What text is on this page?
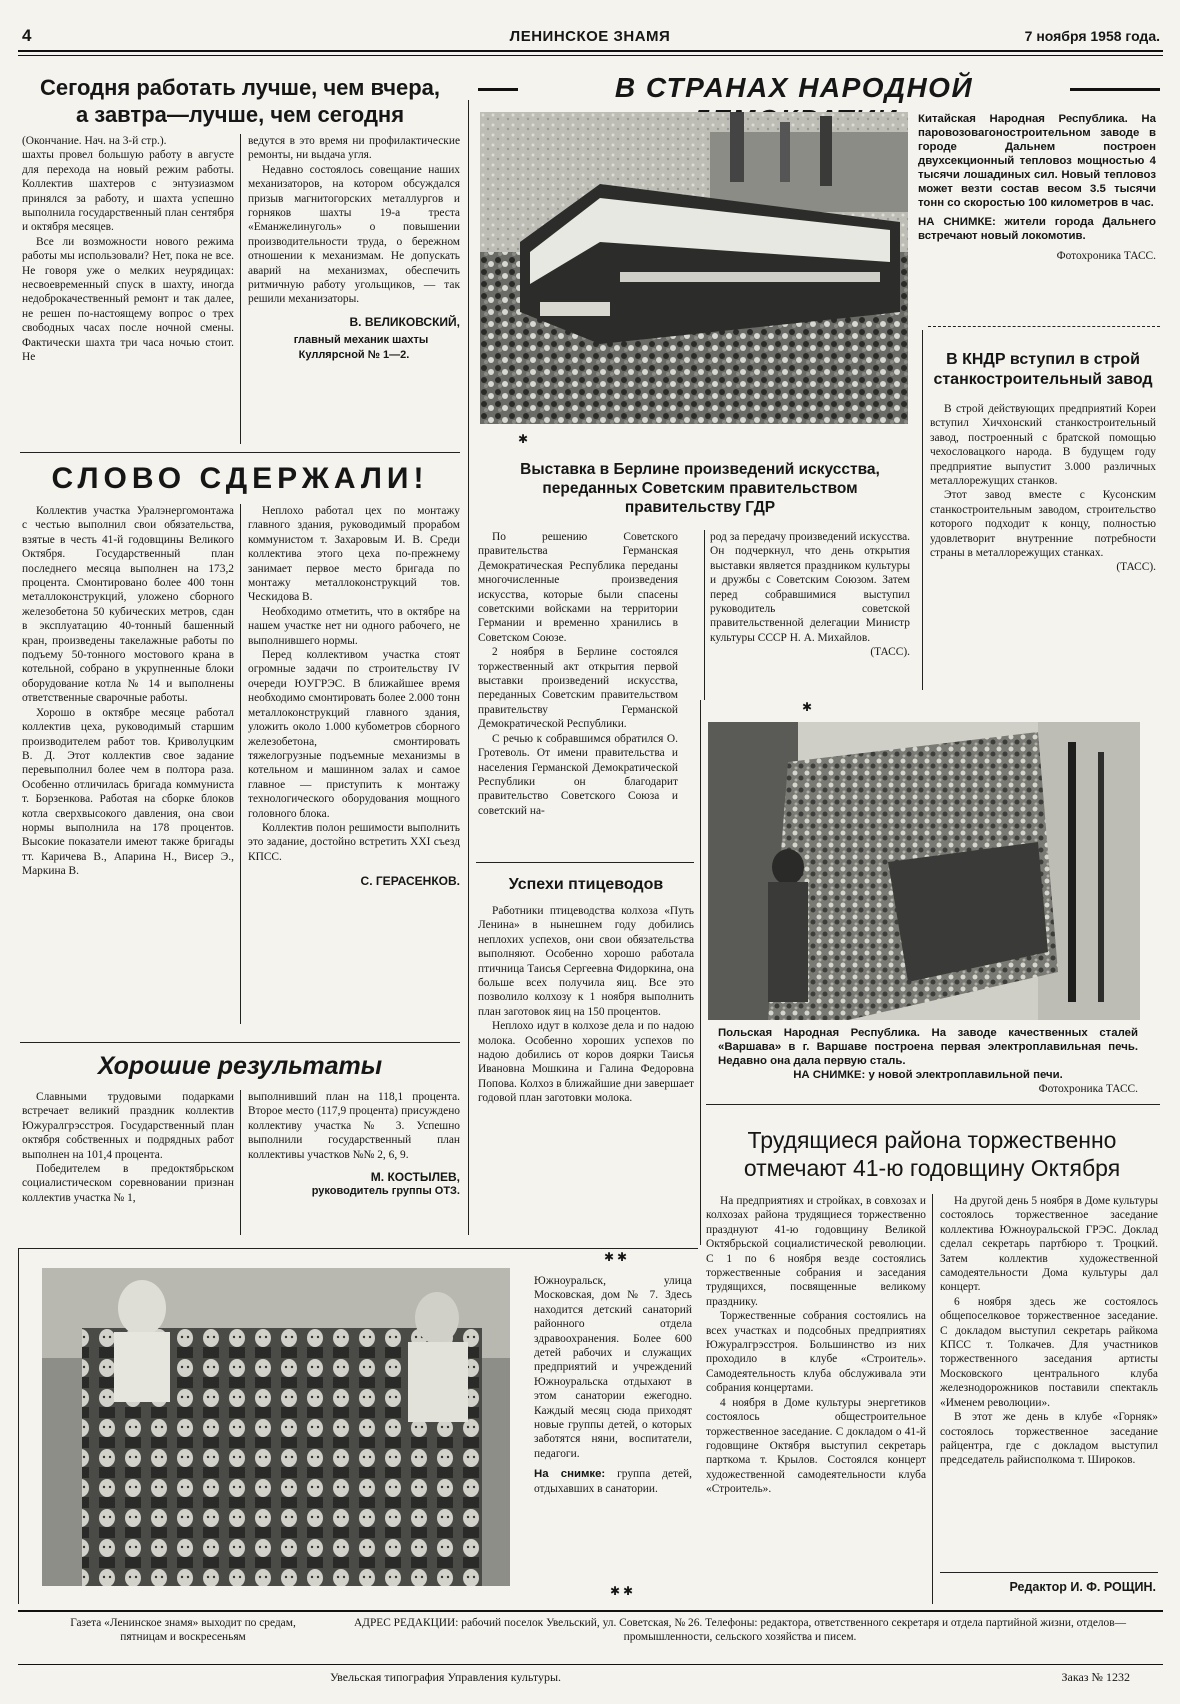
4	ЛЕНИНСКОЕ ЗНАМЯ	7 ноября 1958 года.
Сегодня работать лучше, чем вчера,
а завтра—лучше, чем сегодня

(Окончание. Нач. на 3-й стр.).

шахты провел большую работу в августе для перехода на новый режим работы. Коллектив шахтеров с энтузиазмом принялся за работу, и шахта успешно выполнила государственный план сентября и октября месяцев.

Все ли возможности нового режима работы мы использовали? Нет, пока не все. Не говоря уже о мелких неурядицах: несвоевременный спуск в шахту, иногда недоброкачественный ремонт и так далее, не решен по-настоящему вопрос о трех свободных часах после ночной смены. Фактически шахта три часа ночью стоит. Не

ведутся в это время ни профилактические ремонты, ни выдача угля.

Недавно состоялось совещание наших механизаторов, на котором обсуждался призыв магнитогорских металлургов и горняков шахты 19-а треста «Еманжелинуголь» о повышении производительности труда, о бережном отношении к механизмам. Не допускать аварий на механизмах, обеспечить ритмичную работу угольщиков, — так решили механизаторы.

В. ВЕЛИКОВСКИЙ,

главный механик шахты Куллярсной № 1—2.

СЛОВО СДЕРЖАЛИ!

Коллектив участка Уралэнергомонтажа с честью выполнил свои обязательства, взятые в честь 41-й годовщины Великого Октября. Государственный план последнего месяца выполнен на 173,2 процента. Смонтировано более 400 тонн металлоконструкций, уложено сборного железобетона 50 кубических метров, сдан в эксплуатацию 40-тонный башенный кран, произведены такелажные работы по подъему 50-тонного мостового крана в котельной, собрано в укрупненные блоки оборудование котла № 14 и выполнены ответственные сварочные работы.

Хорошо в октябре месяце работал коллектив цеха, руководимый старшим производителем работ тов. Криволуцким В. Д. Этот коллектив свое задание перевыполнил более чем в полтора раза. Особенно отличилась бригада коммуниста т. Борзенкова. Работая на сборке блоков котла сверхвысокого давления, она свои нормы выполнила на 178 процентов. Высокие показатели имеют также бригады тт. Каричева В., Апарина Н., Висер Э., Маркина В.

Неплохо работал цех по монтажу главного здания, руководимый прорабом коммунистом т. Захаровым И. В. Среди коллектива этого цеха по-прежнему занимает первое место бригада по монтажу металлоконструкций тов. Ческидова В.

Необходимо отметить, что в октябре на нашем участке нет ни одного рабочего, не выполнившего нормы.

Перед коллективом участка стоят огромные задачи по строительству IV очереди ЮУГРЭС. В ближайшее время необходимо смонтировать более 2.000 тонн металлоконструкций главного здания, уложить около 1.000 кубометров сборного железобетона, смонтировать тяжелогрузные подъемные механизмы в котельном и машинном залах и самое главное — приступить к монтажу технологического оборудования мощного головного блока.

Коллектив полон решимости выполнить это задание, достойно встретить XXI съезд КПСС.

С. ГЕРАСЕНКОВ.

Хорошие результаты

Славными трудовыми подарками встречает великий праздник коллектив Южуралгрэсстроя. Государственный план октября собственных и подрядных работ выполнен на 101,4 процента.

Победителем в предоктябрьском социалистическом соревновании признан коллектив участка № 1,

выполнивший план на 118,1 процента. Второе место (117,9 процента) присуждено коллективу участка № 3. Успешно выполнили государственный план коллективы участков №№ 2, 6, 9.

М. КОСТЫЛЕВ,

руководитель группы ОТЗ.

В СТРАНАХ НАРОДНОЙ

Китайская Народная Республика. На паровозовагоностроительном заводе в городе Дальнем построен двухсекционный тепловоз мощностью 4 тысячи лошадиных сил. Новый тепловоз может везти состав весом 3.5 тысячи тонн со скоростью 100 километров в час.

НА СНИМКЕ: жители города Дальнего встречают новый локомотив.

Фотохроника ТАСС.

В КНДР вступил в строй станкостроительный завод

В строй действующих предприятий Кореи вступил Хичхонский станкостроительный завод, построенный с братской помощью чехословацкого народа. В будущем году предприятие выпустит 3.000 различных металлорежущих станков.

Этот завод вместе с Кусонским станкостроительным заводом, строительство которого подходит к концу, полностью удовлетворит внутренние потребности страны в металлорежущих станках.

(ТАСС).

✱
Выставка в Берлине произведений искусства, переданных Советским правительством правительству ГДР

По решению Советского правительства Германская Демократическая Республика переданы многочисленные произведения искусства, которые были спасены советскими войсками на территории Германии и временно хранились в Советском Союзе.

2 ноября в Берлине состоялся торжественный акт открытия первой выставки произведений искусства, переданных Советским правительством правительству Германской Демократической Республики.

С речью к собравшимся обратился О. Гротеволь. От имени правительства и населения Германской Демократической Республики он благодарит правительство Советского Союза и советский на-

род за передачу произведений искусства. Он подчеркнул, что день открытия выставки является праздником культуры и дружбы с Советским Союзом. Затем перед собравшимися выступил руководитель советской правительственной делегации Министр культуры СССР Н. А. Михайлов.

(ТАСС).

Успехи птицеводов

Работники птицеводства колхоза «Путь Ленина» в нынешнем году добились неплохих успехов, они свои обязательства выполняют. Особенно хорошо работала птичница Таисья Сергеевна Фидоркина, она больше всех получила яиц. Все это позволило колхозу к 1 ноября выполнить план заготовок яиц на 150 процентов.

Неплохо идут в колхозе дела и по надою молока. Особенно хороших успехов по надою добились от коров доярки Таисья Ивановна Мошкина и Галина Федоровна Попова. Колхоз в ближайшие дни завершает годовой план заготовки молока.

✱

Польская Народная Республика. На заводе качественных сталей «Варшава» в г. Варшаве построена первая электроплавильная печь. Недавно она дала первую сталь.

НА СНИМКЕ: у новой электроплавильной печи.

Фотохроника ТАСС.

Трудящиеся района торжественно
отмечают 41-ю годовщину Октября

На предприятиях и стройках, в совхозах и колхозах района трудящиеся торжественно празднуют 41-ю годовщину Великой Октябрьской социалистической революции. С 1 по 6 ноября везде состоялись торжественные собрания и заседания трудящихся, посвященные великому празднику.

Торжественные собрания состоялись на всех участках и подсобных предприятиях Южуралгрэсстроя. Большинство из них проходило в клубе «Строитель». Самодеятельность клуба обслуживала эти собрания концертами.

4 ноября в Доме культуры энергетиков состоялось общестроительное торжественное заседание. С докладом о 41-й годовщине Октября выступил секретарь парткома т. Крылов. Состоялся концерт художественной самодеятельности клуба «Строитель».

На другой день 5 ноября в Доме культуры состоялось торжественное заседание коллектива Южноуральской ГРЭС. Доклад сделал секретарь партбюро т. Троцкий. Затем коллектив художественной самодеятельности Дома культуры дал концерт.

6 ноября здесь же состоялось общепоселковое торжественное заседание. С докладом выступил секретарь райкома КПСС т. Толкачев. Для участников торжественного заседания артисты Московского центрального клуба железнодорожников поставили спектакль «Именем революции».

В этот же день в клубе «Горняк» состоялось торжественное заседание райцентра, где с докладом выступил председатель райисполкома т. Широков.

Редактор И. Ф. РОЩИН.
✱ ✱

Южноуральск, улица Московская, дом № 7. Здесь находится детский санаторий районного отдела здравоохранения. Более 600 детей рабочих и служащих предприятий и учреждений Южноуральска отдыхают в этом санатории ежегодно. Каждый месяц сюда приходят новые группы детей, о которых заботятся няни, воспитатели, педагоги.

На снимке: группа детей, отдыхавших в санатории.

✱ ✱
Газета «Ленинское знамя» выходит по средам, пятницам и воскресеньям
АДРЕС РЕДАКЦИИ: рабочий поселок Увельский, ул. Советская, № 26. Телефоны: редактора, ответственного секретаря и отдела партийной жизни, отделов—промышленности, сельского хозяйства и писем.
Увельская типография Управления культуры.	Заказ № 1232
